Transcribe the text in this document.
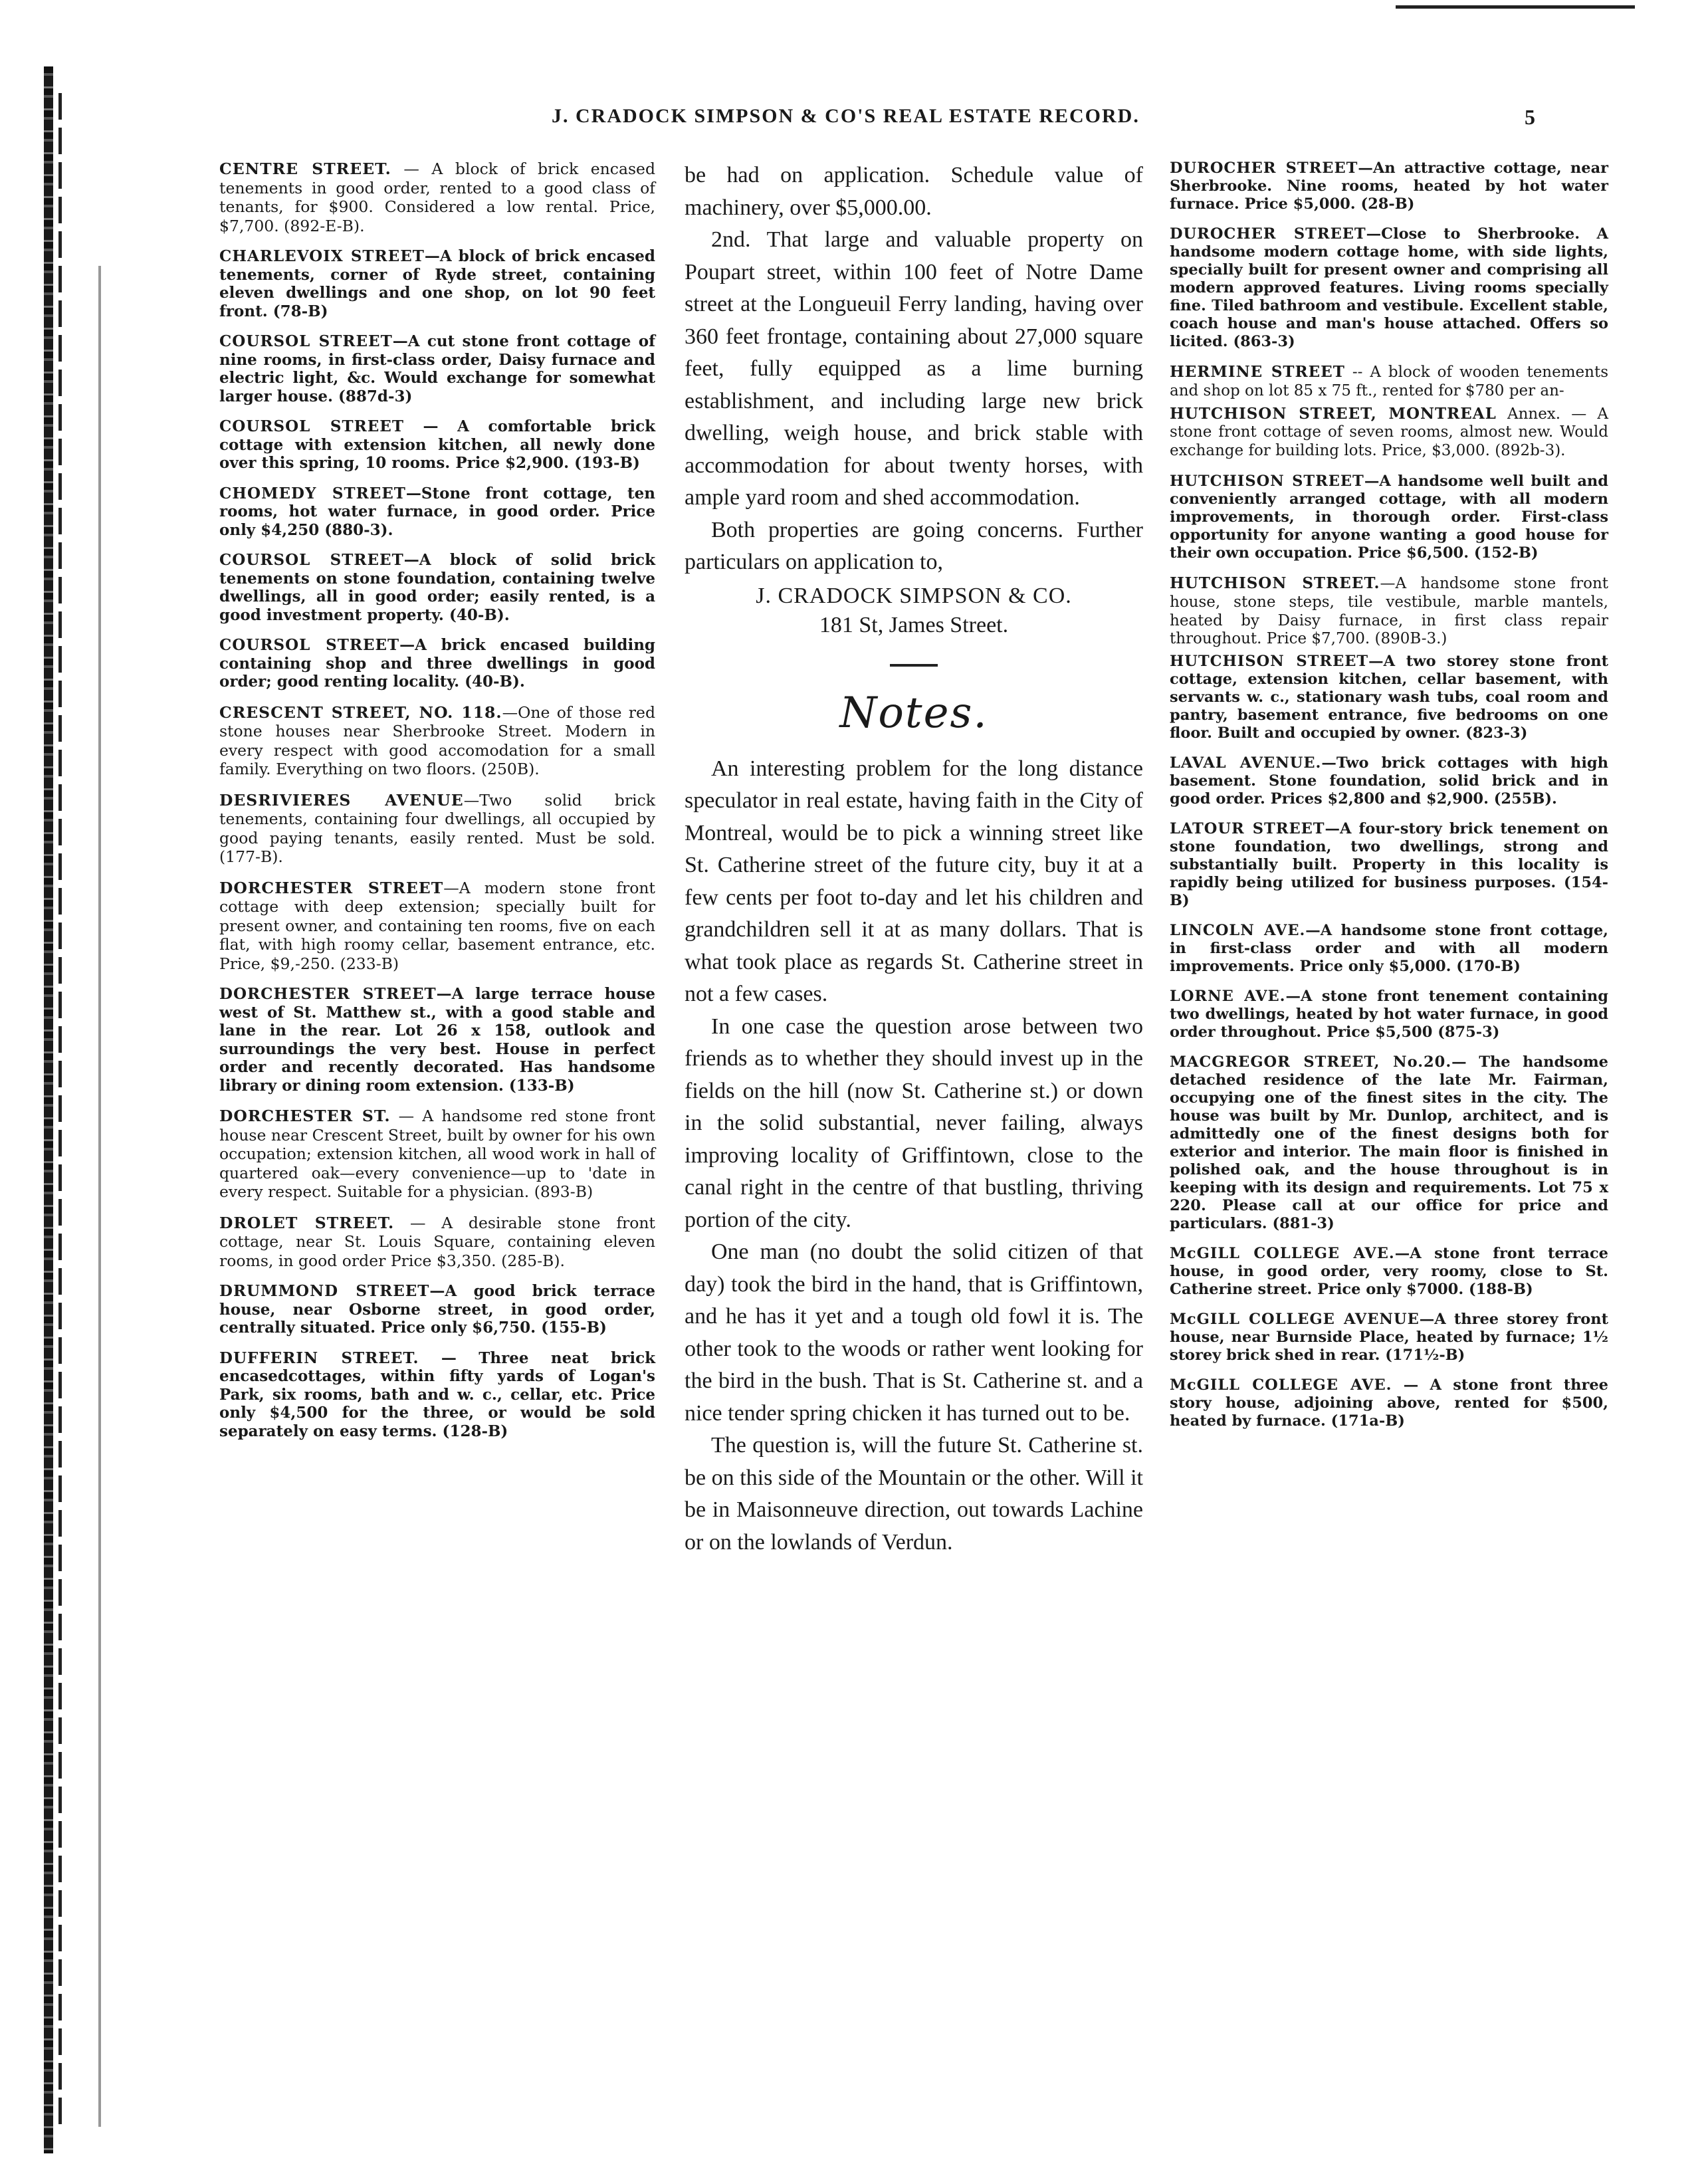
J. CRADOCK SIMPSON & CO'S REAL ESTATE RECORD.	5

CENTRE STREET. — A block of brick encased tenements in good order, rented to a good class of tenants, for $900. Considered a low rental. Price, $7,700. (892-E-B).

CHARLEVOIX STREET—A block of brick encased tenements, corner of Ryde street, containing eleven dwellings and one shop, on lot 90 feet front. (78-B)

COURSOL STREET—A cut stone front cottage of nine rooms, in first-class order, Daisy furnace and electric light, &c. Would exchange for somewhat larger house. (887d-3)

COURSOL STREET — A comfortable brick cottage with extension kitchen, all newly done over this spring, 10 rooms. Price $2,900. (193-B)

CHOMEDY STREET—Stone front cottage, ten rooms, hot water furnace, in good order. Price only $4,250 (880-3).

COURSOL STREET—A block of solid brick tenements on stone foundation, containing twelve dwellings, all in good order; easily rented, is a good investment property. (40-B).

COURSOL STREET—A brick encased building containing shop and three dwellings in good order; good renting locality. (40-B).

CRESCENT STREET, NO. 118.—One of those red stone houses near Sherbrooke Street. Modern in every respect with good accomodation for a small family. Everything on two floors. (250B).

DESRIVIERES AVENUE—Two solid brick tenements, containing four dwellings, all occupied by good paying tenants, easily rented. Must be sold. (177-B).

DORCHESTER STREET—A modern stone front cottage with deep extension; specially built for present owner, and containing ten rooms, five on each flat, with high roomy cellar, basement entrance, etc. Price, $9,-250. (233-B)

DORCHESTER STREET—A large terrace house west of St. Matthew st., with a good stable and lane in the rear. Lot 26 x 158, outlook and surroundings the very best. House in perfect order and recently decorated. Has handsome library or dining room extension. (133-B)

DORCHESTER ST. — A handsome red stone front house near Crescent Street, built by owner for his own occupation; extension kitchen, all wood work in hall of quartered oak—every convenience—up to 'date in every respect. Suitable for a physician. (893-B)

DROLET STREET. — A desirable stone front cottage, near St. Louis Square, containing eleven rooms, in good order Price $3,350. (285-B).

DRUMMOND STREET—A good brick terrace house, near Osborne street, in good order, centrally situated. Price only $6,750. (155-B)

DUFFERIN STREET. — Three neat brick encasedcottages, within fifty yards of Logan's Park, six rooms, bath and w. c., cellar, etc. Price only $4,500 for the three, or would be sold separately on easy terms. (128-B)

be had on application. Schedule value of machinery, over $5,000.00.

2nd. That large and valuable property on Poupart street, within 100 feet of Notre Dame street at the Longueuil Ferry landing, having over 360 feet frontage, containing about 27,000 square feet, fully equipped as a lime burning establishment, and including large new brick dwelling, weigh house, and brick stable with accommodation for about twenty horses, with ample yard room and shed accommodation.

Both properties are going concerns. Further particulars on application to,

J. CRADOCK SIMPSON & CO.
181 St, James Street.
Notes.

An interesting problem for the long distance speculator in real estate, having faith in the City of Montreal, would be to pick a winning street like St. Catherine street of the future city, buy it at a few cents per foot to-day and let his children and grandchildren sell it at as many dollars. That is what took place as regards St. Catherine street in not a few cases.

In one case the question arose between two friends as to whether they should invest up in the fields on the hill (now St. Catherine st.) or down in the solid substantial, never failing, always improving locality of Griffintown, close to the canal right in the centre of that bustling, thriving portion of the city.

One man (no doubt the solid citizen of that day) took the bird in the hand, that is Griffintown, and he has it yet and a tough old fowl it is. The other took to the woods or rather went looking for the bird in the bush. That is St. Catherine st. and a nice tender spring chicken it has turned out to be.

The question is, will the future St. Catherine st. be on this side of the Mountain or the other. Will it be in Maisonneuve direction, out towards Lachine or on the lowlands of Verdun.

DUROCHER STREET—An attractive cottage, near Sherbrooke. Nine rooms, heated by hot water furnace. Price $5,000. (28-B)

DUROCHER STREET—Close to Sherbrooke. A handsome modern cottage home, with side lights, specially built for present owner and comprising all modern approved features. Living rooms specially fine. Tiled bathroom and vestibule. Excellent stable, coach house and man's house attached. Offers so licited. (863-3)

HERMINE STREET -- A block of wooden tenements and shop on lot 85 x 75 ft., rented for $780 per an-

HUTCHISON STREET, MONTREAL Annex. — A stone front cottage of seven rooms, almost new. Would exchange for building lots. Price, $3,000. (892b-3).

HUTCHISON STREET—A handsome well built and conveniently arranged cottage, with all modern improvements, in thorough order. First-class opportunity for anyone wanting a good house for their own occupation. Price $6,500. (152-B)

HUTCHISON STREET.—A handsome stone front house, stone steps, tile vestibule, marble mantels, heated by Daisy furnace, in first class repair throughout. Price $7,700. (890B-3.)

HUTCHISON STREET—A two storey stone front cottage, extension kitchen, cellar basement, with servants w. c., stationary wash tubs, coal room and pantry, basement entrance, five bedrooms on one floor. Built and occupied by owner. (823-3)

LAVAL AVENUE.—Two brick cottages with high basement. Stone foundation, solid brick and in good order. Prices $2,800 and $2,900. (255B).

LATOUR STREET—A four-story brick tenement on stone foundation, two dwellings, strong and substantially built. Property in this locality is rapidly being utilized for business purposes. (154-B)

LINCOLN AVE.—A handsome stone front cottage, in first-class order and with all modern improvements. Price only $5,000. (170-B)

LORNE AVE.—A stone front tenement containing two dwellings, heated by hot water furnace, in good order throughout. Price $5,500 (875-3)

MACGREGOR STREET, No.20.— The handsome detached residence of the late Mr. Fairman, occupying one of the finest sites in the city. The house was built by Mr. Dunlop, architect, and is admittedly one of the finest designs both for exterior and interior. The main floor is finished in polished oak, and the house throughout is in keeping with its design and requirements. Lot 75 x 220. Please call at our office for price and particulars. (881-3)

McGILL COLLEGE AVE.—A stone front terrace house, in good order, very roomy, close to St. Catherine street. Price only $7000. (188-B)

McGILL COLLEGE AVENUE—A three storey front house, near Burnside Place, heated by furnace; 1½ storey brick shed in rear. (171½-B)

McGILL COLLEGE AVE. — A stone front three story house, adjoining above, rented for $500, heated by furnace. (171a-B)
